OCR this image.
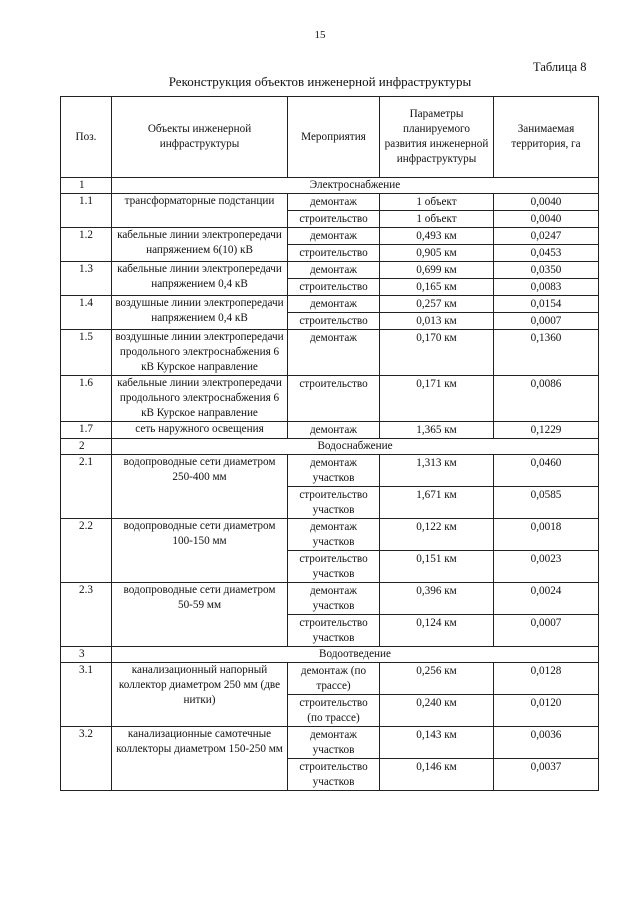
15
Таблица 8
Реконструкция объектов инженерной инфраструктуры
Поз.	Объекты инженерной инфраструктуры	Мероприятия	Параметры планируемого развития инженерной инфраструктуры	Занимаемая территория, га
1	Электроснабжение			
1.1	трансформаторные подстанции	демонтаж	1 объект	0,0040
		строительство	1 объект	0,0040
1.2	кабельные линии электропередачи напряжением 6(10) кВ	демонтаж	0,493 км	0,0247
		строительство	0,905 км	0,0453
1.3	кабельные линии электропередачи напряжением 0,4 кВ	демонтаж	0,699 км	0,0350
		строительство	0,165 км	0,0083
1.4	воздушные линии электропередачи напряжением 0,4 кВ	демонтаж	0,257 км	0,0154
		строительство	0,013 км	0,0007
1.5	воздушные линии электропередачи продольного электроснабжения 6 кВ Курское направление	демонтаж	0,170 км	0,1360
1.6	кабельные линии электропередачи продольного электроснабжения 6 кВ Курское направление	строительство	0,171 км	0,0086
1.7	сеть наружного освещения	демонтаж	1,365 км	0,1229
2	Водоснабжение			
2.1	водопроводные сети диаметром 250-400 мм	демонтаж участков	1,313 км	0,0460
		строительство участков	1,671 км	0,0585
2.2	водопроводные сети диаметром 100-150 мм	демонтаж участков	0,122 км	0,0018
		строительство участков	0,151 км	0,0023
2.3	водопроводные сети диаметром 50-59 мм	демонтаж участков	0,396 км	0,0024
		строительство участков	0,124 км	0,0007
3	Водоотведение			
3.1	канализационный напорный коллектор диаметром 250 мм (две нитки)	демонтаж (по трассе)	0,256 км	0,0128
		строительство (по трассе)	0,240 км	0,0120
3.2	канализационные самотечные коллекторы диаметром 150-250 мм	демонтаж участков	0,143 км	0,0036
		строительство участков	0,146 км	0,0037
